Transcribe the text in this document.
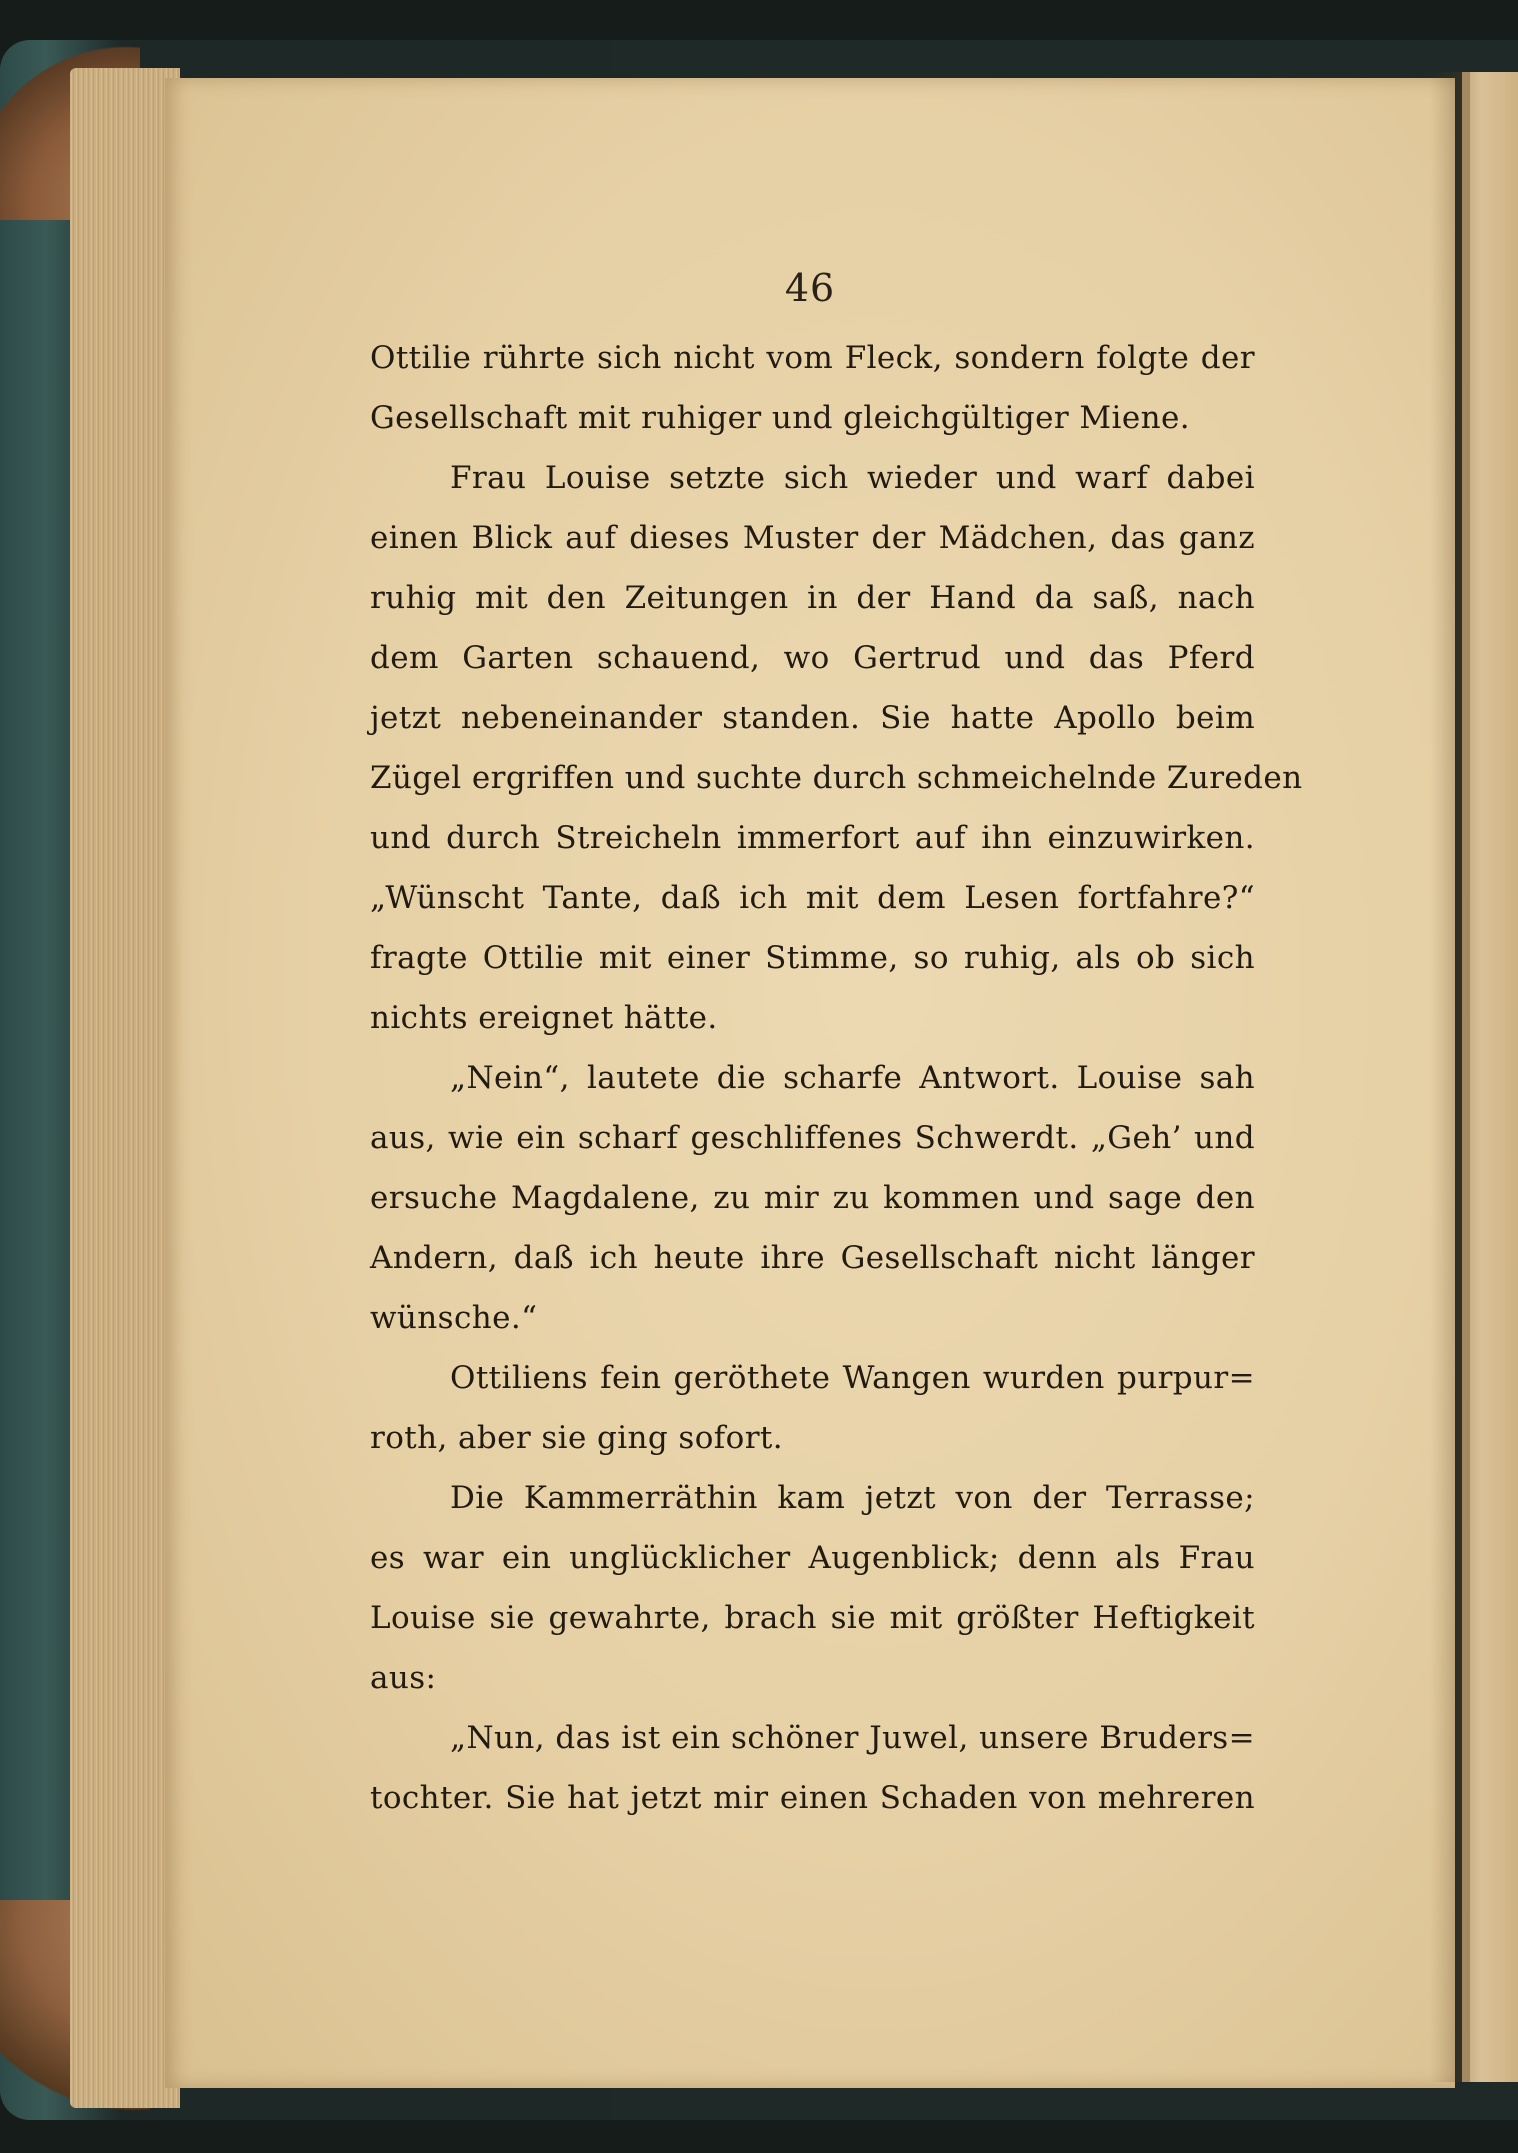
46
Ottilie rührte sich nicht vom Fleck, sondern folgte der
Gesellschaft mit ruhiger und gleichgültiger Miene.
Frau Louise setzte sich wieder und warf dabei
einen Blick auf dieses Muster der Mädchen, das ganz
ruhig mit den Zeitungen in der Hand da saß, nach
dem Garten schauend, wo Gertrud und das Pferd
jetzt nebeneinander standen. Sie hatte Apollo beim
Zügel ergriffen und suchte durch schmeichelnde Zureden
und durch Streicheln immerfort auf ihn einzuwirken.
„Wünscht Tante, daß ich mit dem Lesen fortfahre?“
fragte Ottilie mit einer Stimme, so ruhig, als ob sich
nichts ereignet hätte.
„Nein“, lautete die scharfe Antwort. Louise sah
aus, wie ein scharf geschliffenes Schwerdt. „Geh’ und
ersuche Magdalene, zu mir zu kommen und sage den
Andern, daß ich heute ihre Gesellschaft nicht länger
wünsche.“
Ottiliens fein geröthete Wangen wurden purpur=
roth, aber sie ging sofort.
Die Kammerräthin kam jetzt von der Terrasse;
es war ein unglücklicher Augenblick; denn als Frau
Louise sie gewahrte, brach sie mit größter Heftigkeit
aus:
„Nun, das ist ein schöner Juwel, unsere Bruders=
tochter. Sie hat jetzt mir einen Schaden von mehreren
